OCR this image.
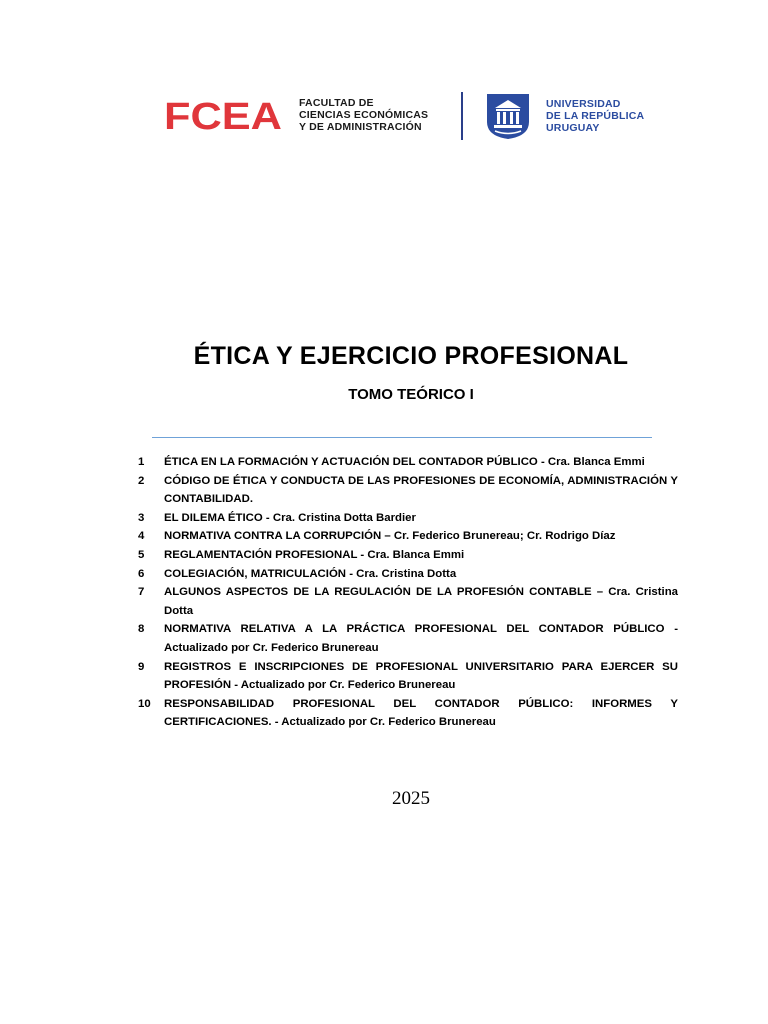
FCEA FACULTAD DE
CIENCIAS ECONÓMICAS
Y DE ADMINISTRACIÓN
UNIVERSIDAD
DE LA REPÚBLICA
URUGUAY
ÉTICA Y EJERCICIO PROFESIONAL
TOMO TEÓRICO I
1	ÉTICA EN LA FORMACIÓN Y ACTUACIÓN DEL CONTADOR PÚBLICO - Cra. Blanca Emmi
2	CÓDIGO DE ÉTICA Y CONDUCTA DE LAS PROFESIONES DE ECONOMÍA, ADMINISTRACIÓN Y CONTABILIDAD.
3	EL DILEMA ÉTICO - Cra. Cristina Dotta Bardier
4	NORMATIVA CONTRA LA CORRUPCIÓN – Cr. Federico Brunereau; Cr. Rodrigo Díaz
5	REGLAMENTACIÓN PROFESIONAL - Cra. Blanca Emmi
6	COLEGIACIÓN, MATRICULACIÓN - Cra. Cristina Dotta
7	ALGUNOS ASPECTOS DE LA REGULACIÓN DE LA PROFESIÓN CONTABLE – Cra. Cristina Dotta
8	NORMATIVA RELATIVA A LA PRÁCTICA PROFESIONAL DEL CONTADOR PÚBLICO - Actualizado por Cr. Federico Brunereau
9	REGISTROS E INSCRIPCIONES DE PROFESIONAL UNIVERSITARIO PARA EJERCER SU PROFESIÓN - Actualizado por Cr. Federico Brunereau
10	RESPONSABILIDAD PROFESIONAL DEL CONTADOR PÚBLICO: INFORMES Y CERTIFICACIONES. - Actualizado por Cr. Federico Brunereau
2025
